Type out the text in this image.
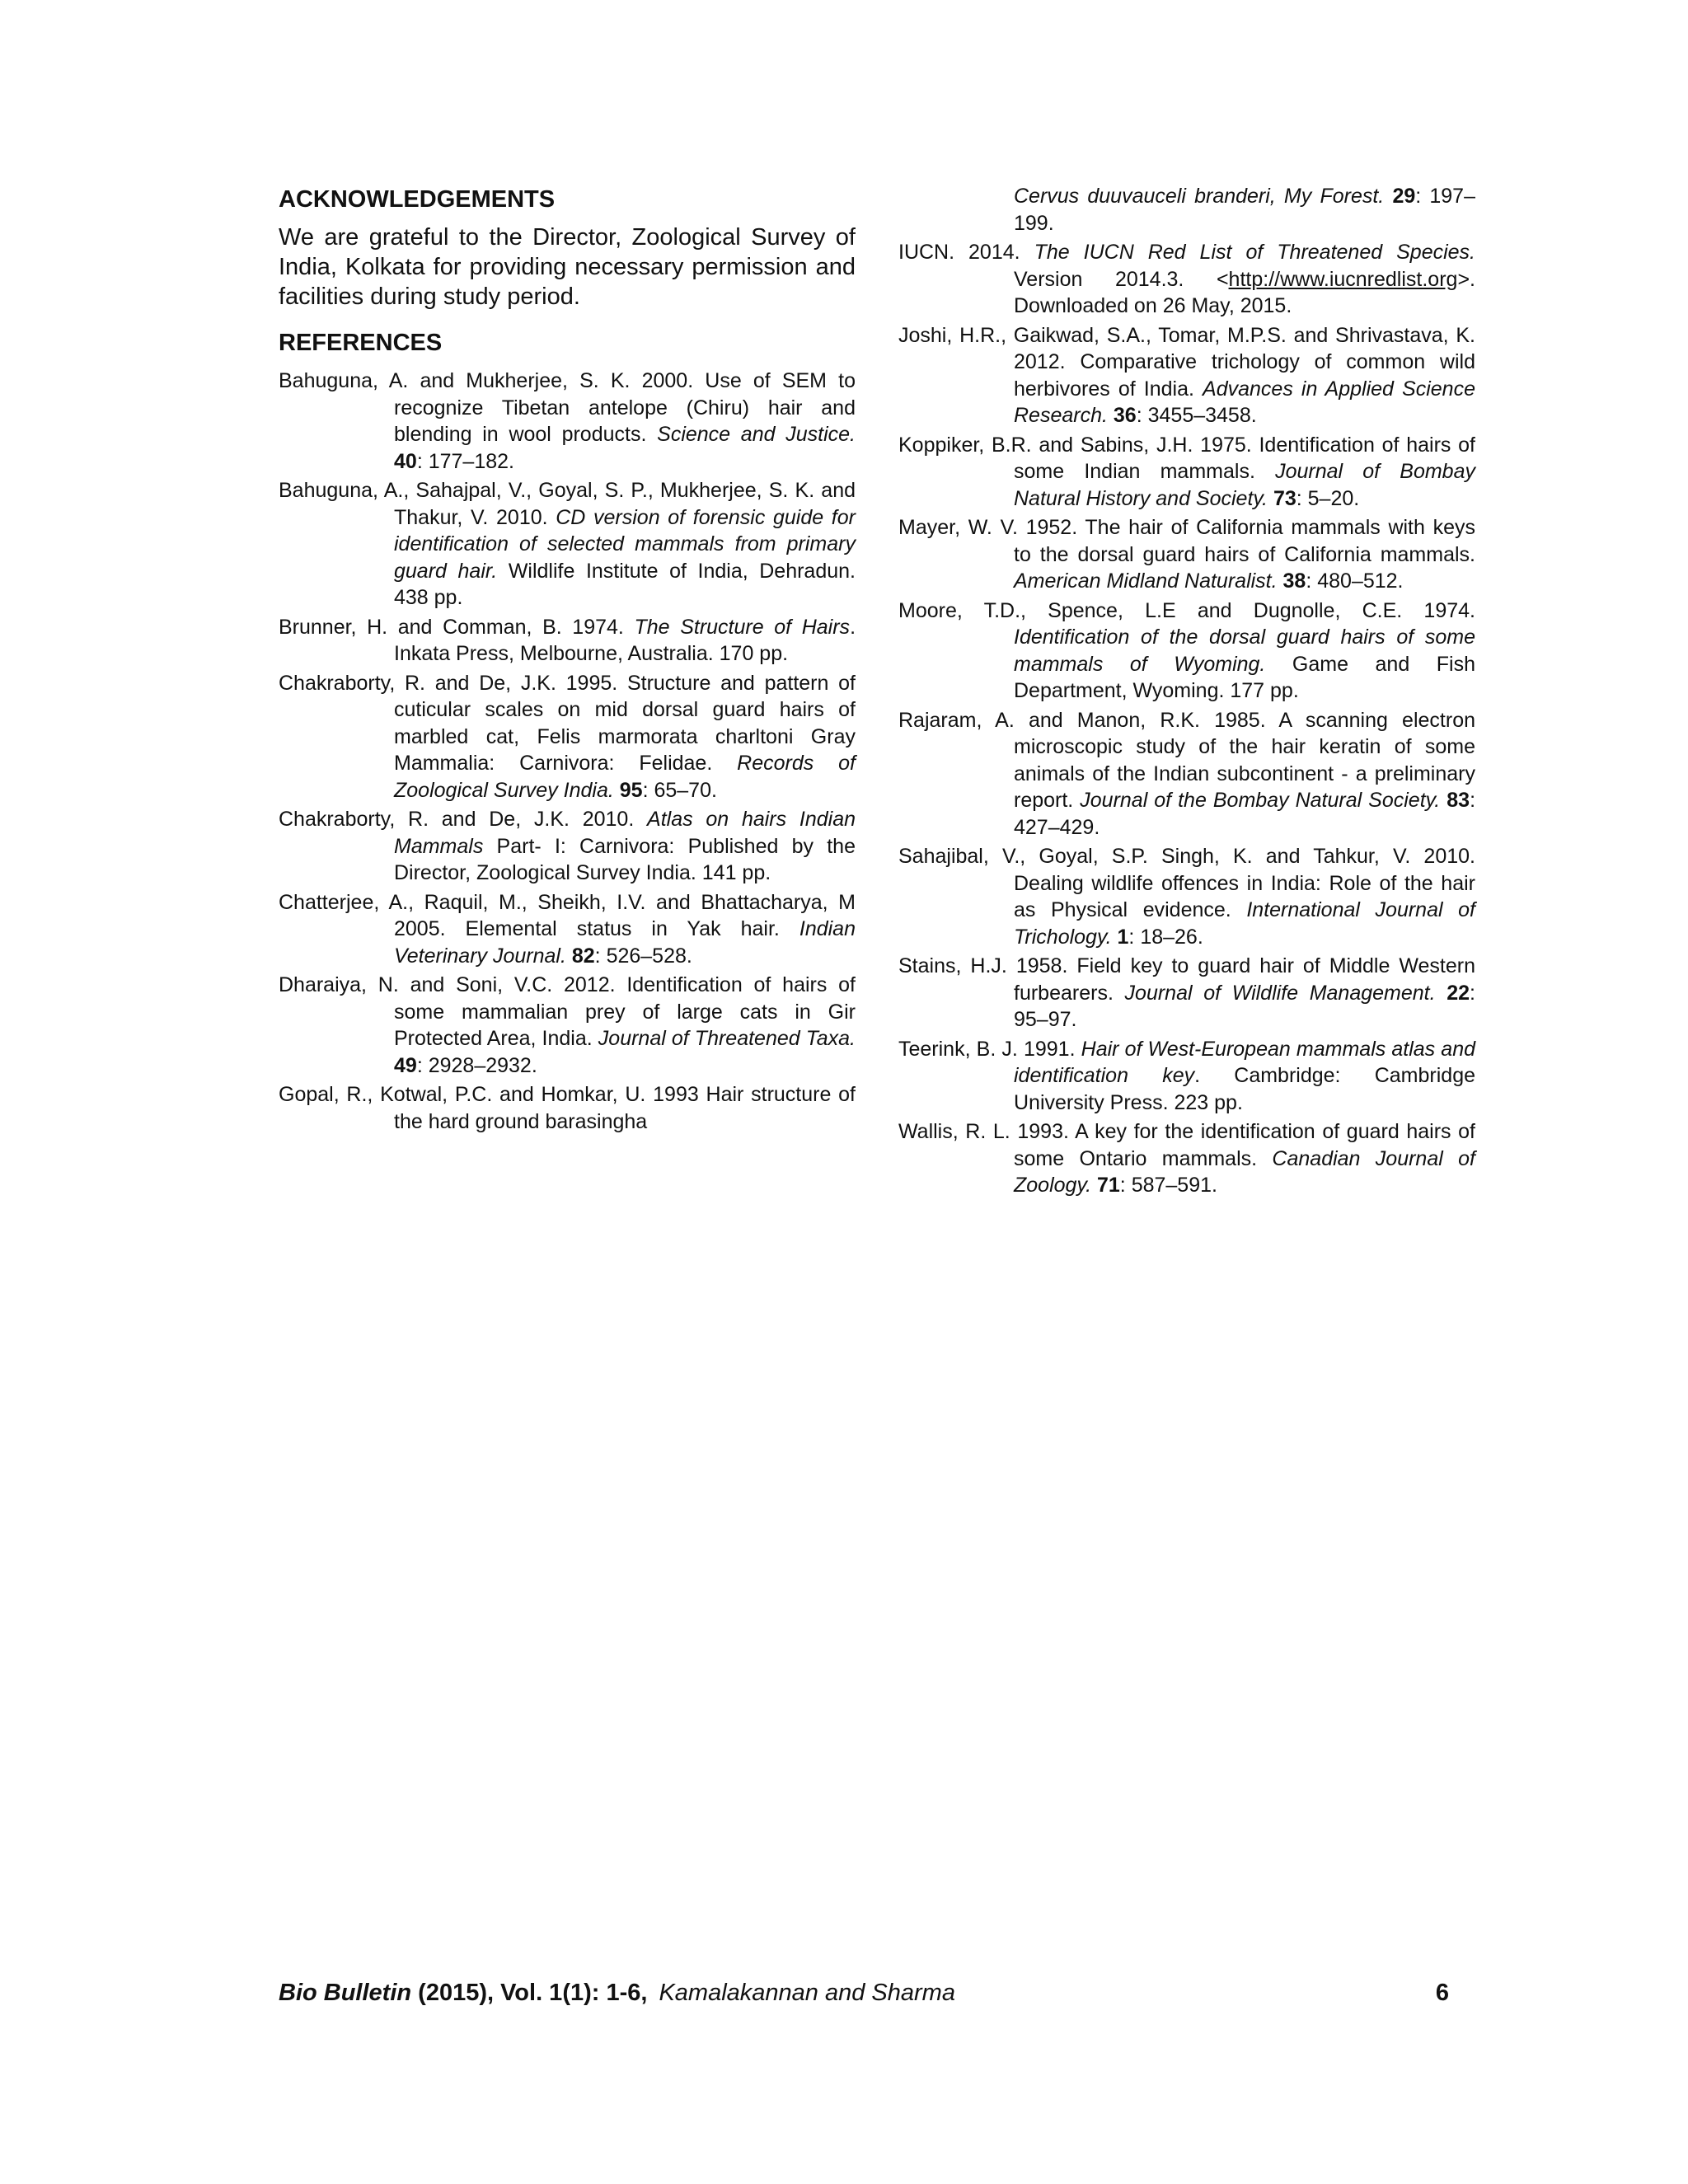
ACKNOWLEDGEMENTS

We are grateful to the Director, Zoological Survey of India, Kolkata for providing necessary permission and facilities during study period.

REFERENCES

Bahuguna, A. and Mukherjee, S. K. 2000. Use of SEM to recognize Tibetan antelope (Chiru) hair and blending in wool products. Science and Justice. 40: 177–182.

Bahuguna, A., Sahajpal, V., Goyal, S. P., Mukherjee, S. K. and Thakur, V. 2010. CD version of forensic guide for identification of selected mammals from primary guard hair. Wildlife Institute of India, Dehradun. 438 pp.

Brunner, H. and Comman, B. 1974. The Structure of Hairs. Inkata Press, Melbourne, Australia. 170 pp.

Chakraborty, R. and De, J.K. 1995. Structure and pattern of cuticular scales on mid dorsal guard hairs of marbled cat, Felis marmorata charltoni Gray Mammalia: Carnivora: Felidae. Records of Zoological Survey India. 95: 65–70.

Chakraborty, R. and De, J.K. 2010. Atlas on hairs Indian Mammals Part- I: Carnivora: Published by the Director, Zoological Survey India. 141 pp.

Chatterjee, A., Raquil, M., Sheikh, I.V. and Bhattacharya, M 2005. Elemental status in Yak hair. Indian Veterinary Journal. 82: 526–528.

Dharaiya, N. and Soni, V.C. 2012. Identification of hairs of some mammalian prey of large cats in Gir Protected Area, India. Journal of Threatened Taxa. 49: 2928–2932.

Gopal, R., Kotwal, P.C. and Homkar, U. 1993 Hair structure of the hard ground barasingha

Cervus duuvauceli branderi, My Forest. 29: 197–199.

IUCN. 2014. The IUCN Red List of Threatened Species. Version 2014.3. <http://www.iucnredlist.org>. Downloaded on 26 May, 2015.

Joshi, H.R., Gaikwad, S.A., Tomar, M.P.S. and Shrivastava, K. 2012. Comparative trichology of common wild herbivores of India. Advances in Applied Science Research. 36: 3455–3458.

Koppiker, B.R. and Sabins, J.H. 1975. Identification of hairs of some Indian mammals. Journal of Bombay Natural History and Society. 73: 5–20.

Mayer, W. V. 1952. The hair of California mammals with keys to the dorsal guard hairs of California mammals. American Midland Naturalist. 38: 480–512.

Moore, T.D., Spence, L.E and Dugnolle, C.E. 1974. Identification of the dorsal guard hairs of some mammals of Wyoming. Game and Fish Department, Wyoming. 177 pp.

Rajaram, A. and Manon, R.K. 1985. A scanning electron microscopic study of the hair keratin of some animals of the Indian subcontinent - a preliminary report. Journal of the Bombay Natural Society. 83: 427–429.

Sahajibal, V., Goyal, S.P. Singh, K. and Tahkur, V. 2010. Dealing wildlife offences in India: Role of the hair as Physical evidence. International Journal of Trichology. 1: 18–26.

Stains, H.J. 1958. Field key to guard hair of Middle Western furbearers. Journal of Wildlife Management. 22: 95–97.

Teerink, B. J. 1991. Hair of West-European mammals atlas and identification key. Cambridge: Cambridge University Press. 223 pp.

Wallis, R. L. 1993. A key for the identification of guard hairs of some Ontario mammals. Canadian Journal of Zoology. 71: 587–591.

Bio Bulletin (2015), Vol. 1(1): 1-6, Kamalakannan and Sharma	6
